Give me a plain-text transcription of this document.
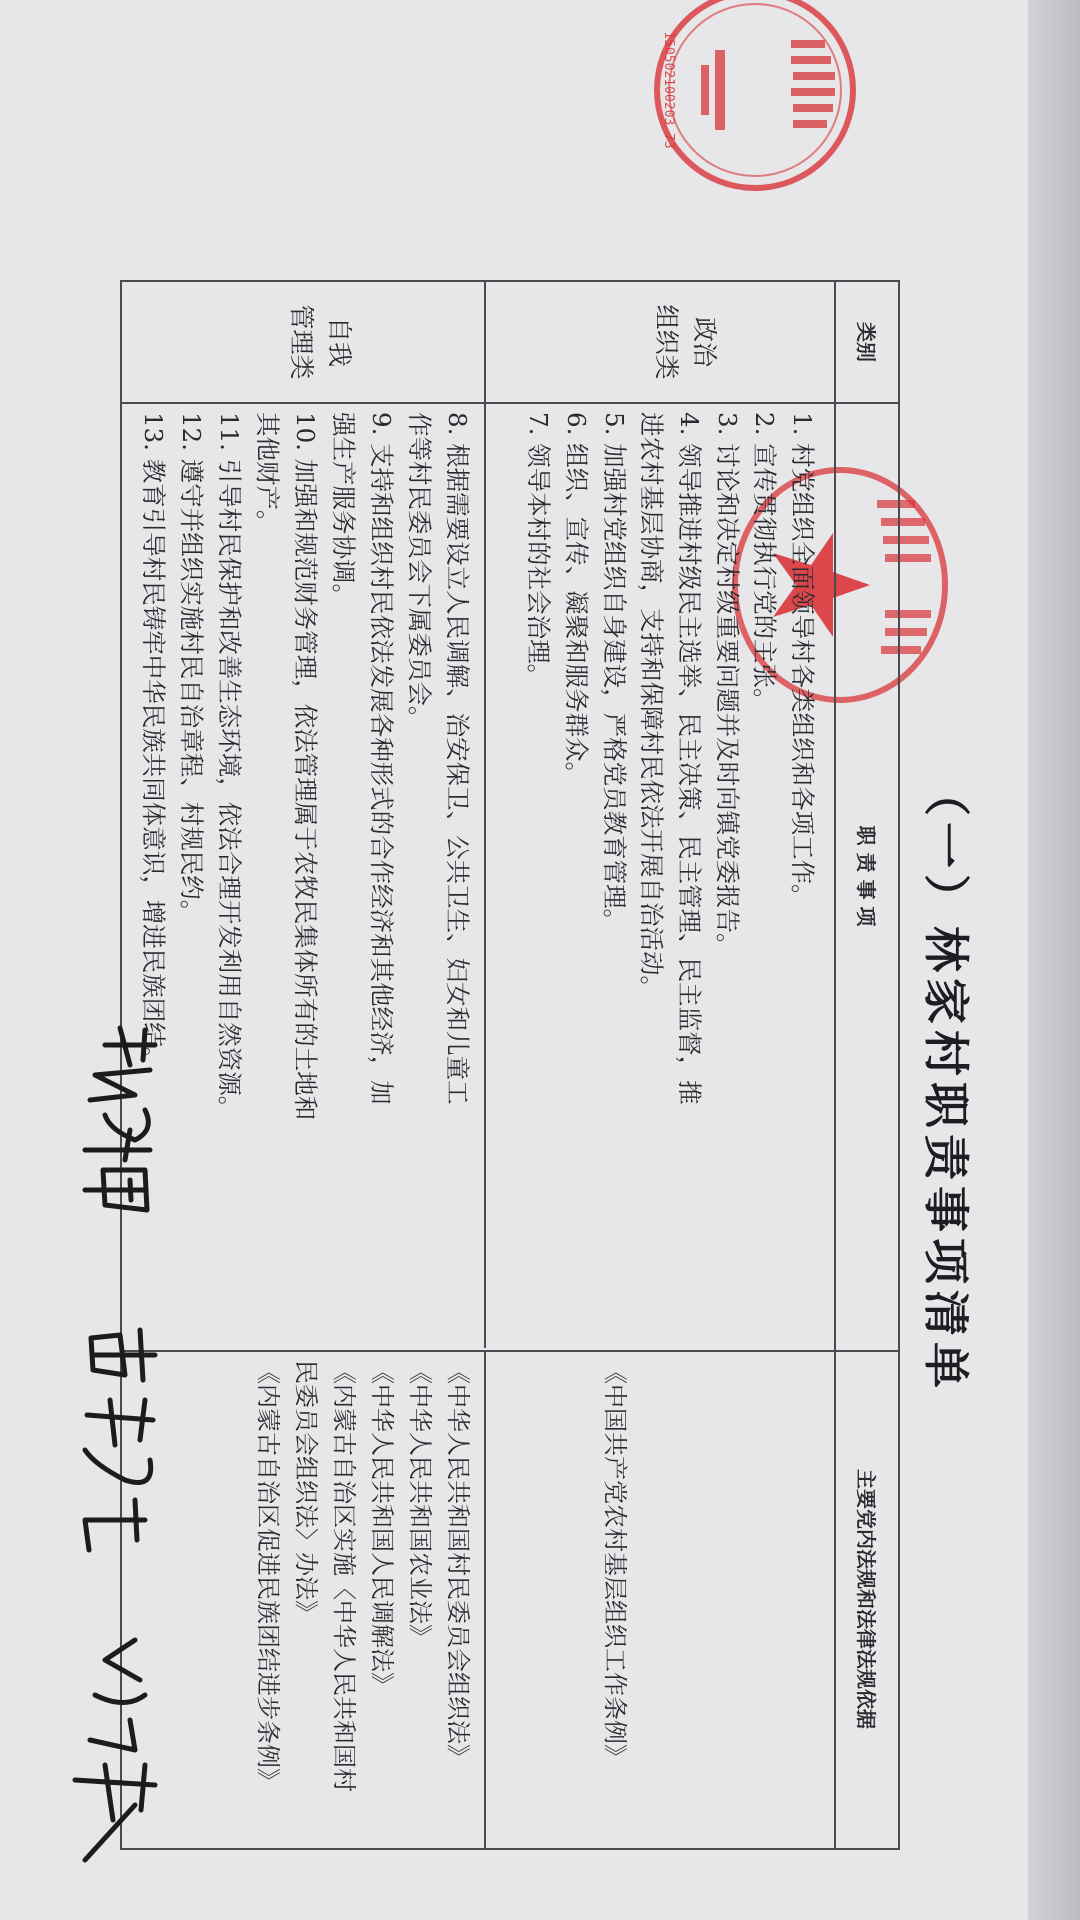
150502100203 73
（一）林家村职责事项清单
类别
职 责 事 项
主要党内法规和法律法规依据
政治
组织类
1. 村党组织全面领导村各类组织和各项工作。
2. 宣传贯彻执行党的主张。
3. 讨论和决定村级重要问题并及时向镇党委报告。
4. 领导推进村级民主选举、民主决策、民主管理、民主监督，推
进农村基层协商，支持和保障村民依法开展自治活动。
5. 加强村党组织自身建设，严格党员教育管理。
6. 组织、宣传、凝聚和服务群众。
7. 领导本村的社会治理。
《中国共产党农村基层组织工作条例》
自我
管理类
8. 根据需要设立人民调解、治安保卫、公共卫生、妇女和儿童工
作等村民委员会下属委员会。
9. 支持和组织村民依法发展各种形式的合作经济和其他经济，加
强生产服务协调。
10. 加强和规范财务管理，依法管理属于农牧民集体所有的土地和
其他财产。
11. 引导村民保护和改善生态环境，依法合理开发利用自然资源。
12. 遵守并组织实施村民自治章程、村规民约。
13. 教育引导村民铸牢中华民族共同体意识，增进民族团结。
《中华人民共和国村民委员会组织法》
《中华人民共和国农业法》
《中华人民共和国人民调解法》
《内蒙古自治区实施〈中华人民共和国村
民委员会组织法〉办法》
《内蒙古自治区促进民族团结进步条例》
